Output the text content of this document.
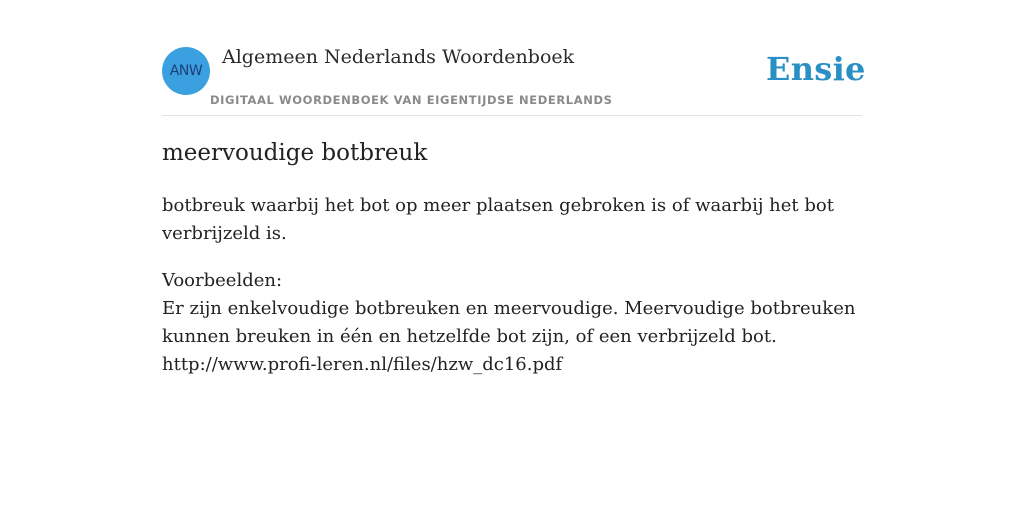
ANW
Algemeen Nederlands Woordenboek	Ensie
DIGITAAL WOORDENBOEK VAN EIGENTIJDSE NEDERLANDS
meervoudige botbreuk
botbreuk waarbij het bot op meer plaatsen gebroken is of waarbij het bot verbrijzeld is.
Voorbeelden:
Er zijn enkelvoudige botbreuken en meervoudige. Meervoudige botbreuken
kunnen breuken in één en hetzelfde bot zijn, of een verbrijzeld bot.
http://www.profi-leren.nl/files/hzw_dc16.pdf
